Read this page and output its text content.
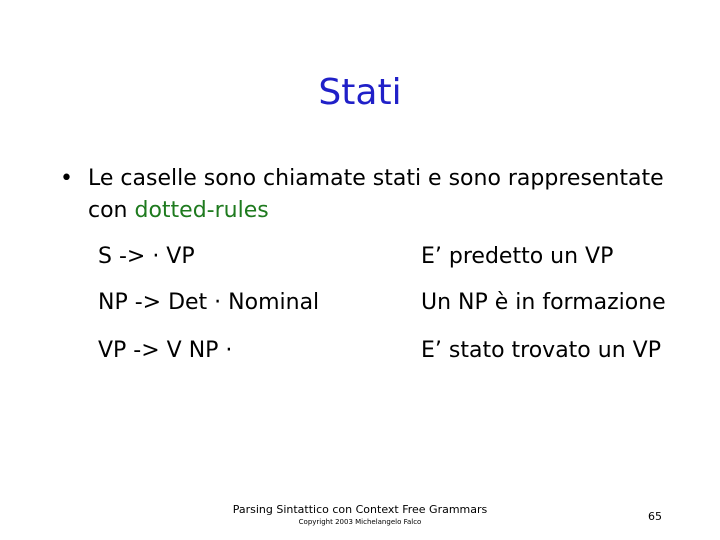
Stati
• Le caselle sono chiamate stati e sono rappresentate con dotted-rules
S -> · VP	E’ predetto un VP
NP -> Det · Nominal	Un NP è in formazione
VP -> V NP ·	E’ stato trovato un VP
Parsing Sintattico con Context Free Grammars
Copyright 2003 Michelangelo Falco	65
